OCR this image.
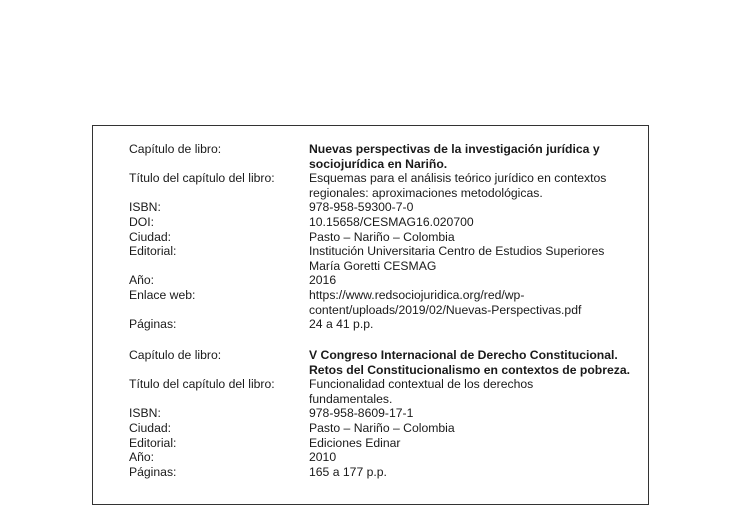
Capítulo de libro:	Nuevas perspectivas de la investigación jurídica y
sociojurídica en Nariño.
Título del capítulo del libro:	Esquemas para el análisis teórico jurídico en contextos
regionales: aproximaciones metodológicas.
ISBN:	978-958-59300-7-0
DOI:	10.15658/CESMAG16.020700
Ciudad:	Pasto – Nariño – Colombia
Editorial:	Institución Universitaria Centro de Estudios Superiores
María Goretti CESMAG
Año:	2016
Enlace web:	https://www.redsociojuridica.org/red/wp-
content/uploads/2019/02/Nuevas-Perspectivas.pdf
Páginas:	24 a 41 p.p.
Capítulo de libro:	V Congreso Internacional de Derecho Constitucional.
Retos del Constitucionalismo en contextos de pobreza.
Título del capítulo del libro:	Funcionalidad contextual de los derechos
fundamentales.
ISBN:	978-958-8609-17-1
Ciudad:	Pasto – Nariño – Colombia
Editorial:	Ediciones Edinar
Año:	2010
Páginas:	165 a 177 p.p.
